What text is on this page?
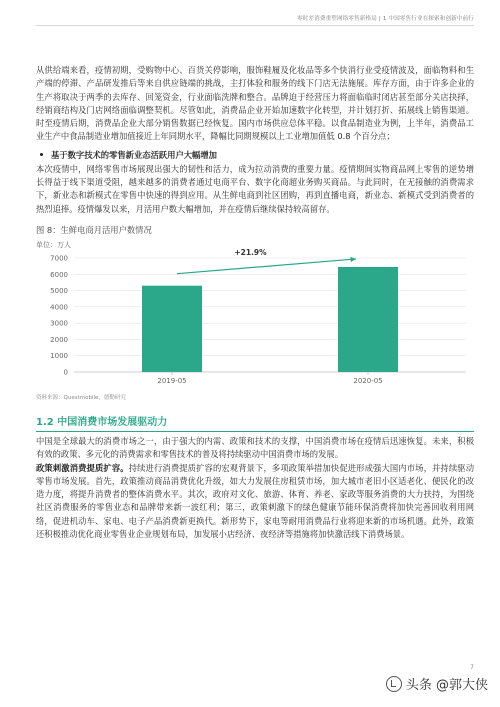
零时差消费重塑网络零售新格局 | 1 中国零售行业在探索和创新中前行

从供给端来看，疫情初期，受购物中心、百货关停影响，服饰鞋履及化妆品等多个快消行业受疫情波及，面临物料和生产端的停滞、产品研发推后等来自供应链端的挑战，主打体验和服务的线下门店无法施展。库存方面，由于许多企业的生产将取决于两季的去库存、回笼资金，行业面临洗牌和整合。品牌迫于经营压力将面临临时闭店甚至部分关店抉择，经销商结构及门店网络面临调整契机。尽管如此，消费品企业开始加速数字化转型，并计划打折、拓展线上销售渠道。时至疫情后期，消费品企业大部分销售数据已经恢复。国内市场供应总体平稳。以食品制造业为例，上半年，消费品工业生产中食品制造业增加值接近上年同期水平，降幅比同期规模以上工业增加值低 0.8 个百分点；

基于数字技术的零售新业态活跃用户大幅增加

本次疫情中，网络零售市场展现出强大的韧性和活力，成为拉动消费的重要力量。疫情期间实物商品网上零售的逆势增长得益于线下渠道受阻，越来越多的消费者通过电商平台、数字化商超业务购买商品。与此同时，在无接触的消费需求下，新业态和新模式在零售中快速的得到应用。从生鲜电商到社区团购，再到直播电商，新业态、新模式受到消费者的热烈追捧。疫情爆发以来，月活用户数大幅增加，并在疫情后继续保持较高留存。

图 8：生鲜电商月活用户数情况
单位：万人
0
1000
2000
3000
4000
5000
6000
7000
2019-05	2020-05
+21.9%
资料来源：Questmobile，德勤研究
1.2 中国消费市场发展驱动力

中国是全球最大的消费市场之一，由于强大的内需、政策和技术的支撑，中国消费市场在疫情后迅速恢复。未来，积极有效的政策、多元化的消费需求和零售技术的普及将持续驱动中国消费市场的发展。

政策刺激消费提质扩容。持续进行消费提质扩容的宏观背景下，多项政策举措加快促进形成强大国内市场，并持续驱动零售市场发展。首先，政策推动商品消费优化升级，如大力发展住房租赁市场，加大城市老旧小区适老化、便民化的改造力度，将提升消费者的整体消费水平。其次，政府对文化、旅游、体育、养老、家政等服务消费的大力扶持，为围绕社区消费服务的零售业态和品牌带来新一波红利；第三，政策刺激下的绿色健康节能环保消费将加快完善回收利用网络，促进机动车、家电、电子产品消费新更换代。新形势下，家电等耐用消费品行业将迎来新的市场机遇。此外，政策还积极推动优化商业零售业企业规划布局，加发展小店经济、夜经济等措施将加快激活线下消费场景。

7
头条 @郭大侠
